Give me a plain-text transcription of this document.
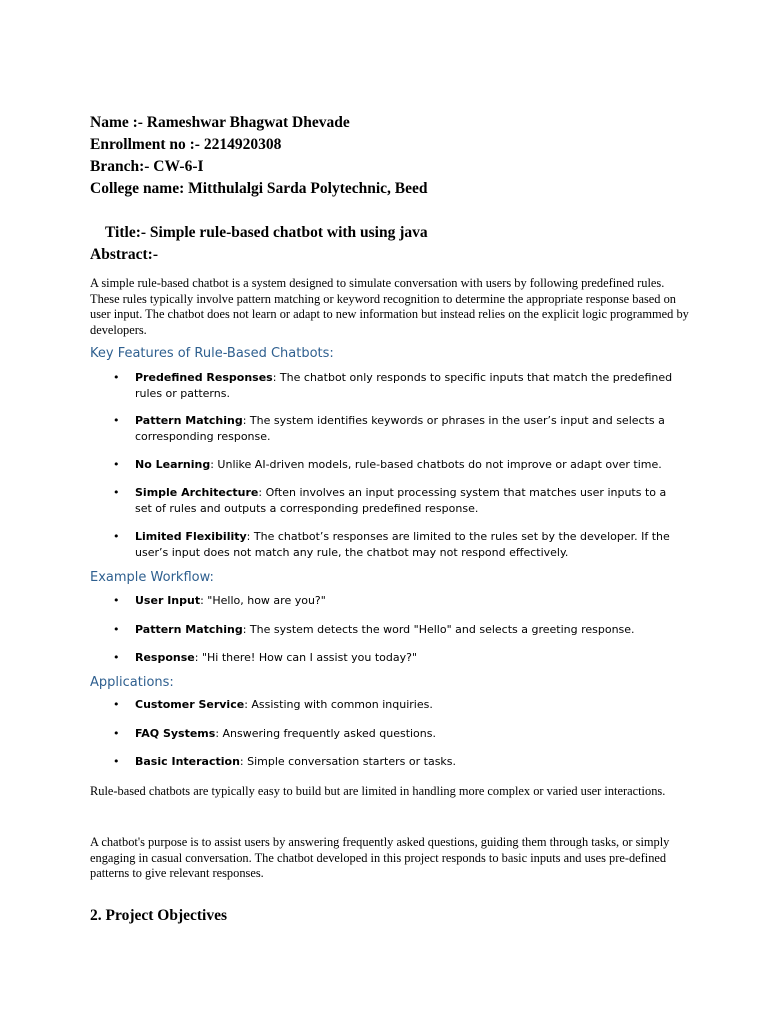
Name :- Rameshwar Bhagwat Dhevade
Enrollment no :- 2214920308
Branch:- CW-6-I
College name: Mitthulalgi Sarda Polytechnic, Beed
Title:- Simple rule-based chatbot with using java
Abstract:-
A simple rule-based chatbot is a system designed to simulate conversation with users by following predefined rules. These rules typically involve pattern matching or keyword recognition to determine the appropriate response based on user input. The chatbot does not learn or adapt to new information but instead relies on the explicit logic programmed by developers.
Key Features of Rule-Based Chatbots:
• Predefined Responses: The chatbot only responds to specific inputs that match the predefined rules or patterns.
• Pattern Matching: The system identifies keywords or phrases in the user’s input and selects a corresponding response.
• No Learning: Unlike AI-driven models, rule-based chatbots do not improve or adapt over time.
• Simple Architecture: Often involves an input processing system that matches user inputs to a set of rules and outputs a corresponding predefined response.
• Limited Flexibility: The chatbot’s responses are limited to the rules set by the developer. If the user’s input does not match any rule, the chatbot may not respond effectively.
Example Workflow:
• User Input: "Hello, how are you?"
• Pattern Matching: The system detects the word "Hello" and selects a greeting response.
• Response: "Hi there! How can I assist you today?"
Applications:
• Customer Service: Assisting with common inquiries.
• FAQ Systems: Answering frequently asked questions.
• Basic Interaction: Simple conversation starters or tasks.
Rule-based chatbots are typically easy to build but are limited in handling more complex or varied user interactions.
A chatbot's purpose is to assist users by answering frequently asked questions, guiding them through tasks, or simply engaging in casual conversation. The chatbot developed in this project responds to basic inputs and uses pre-defined patterns to give relevant responses.
2. Project Objectives
